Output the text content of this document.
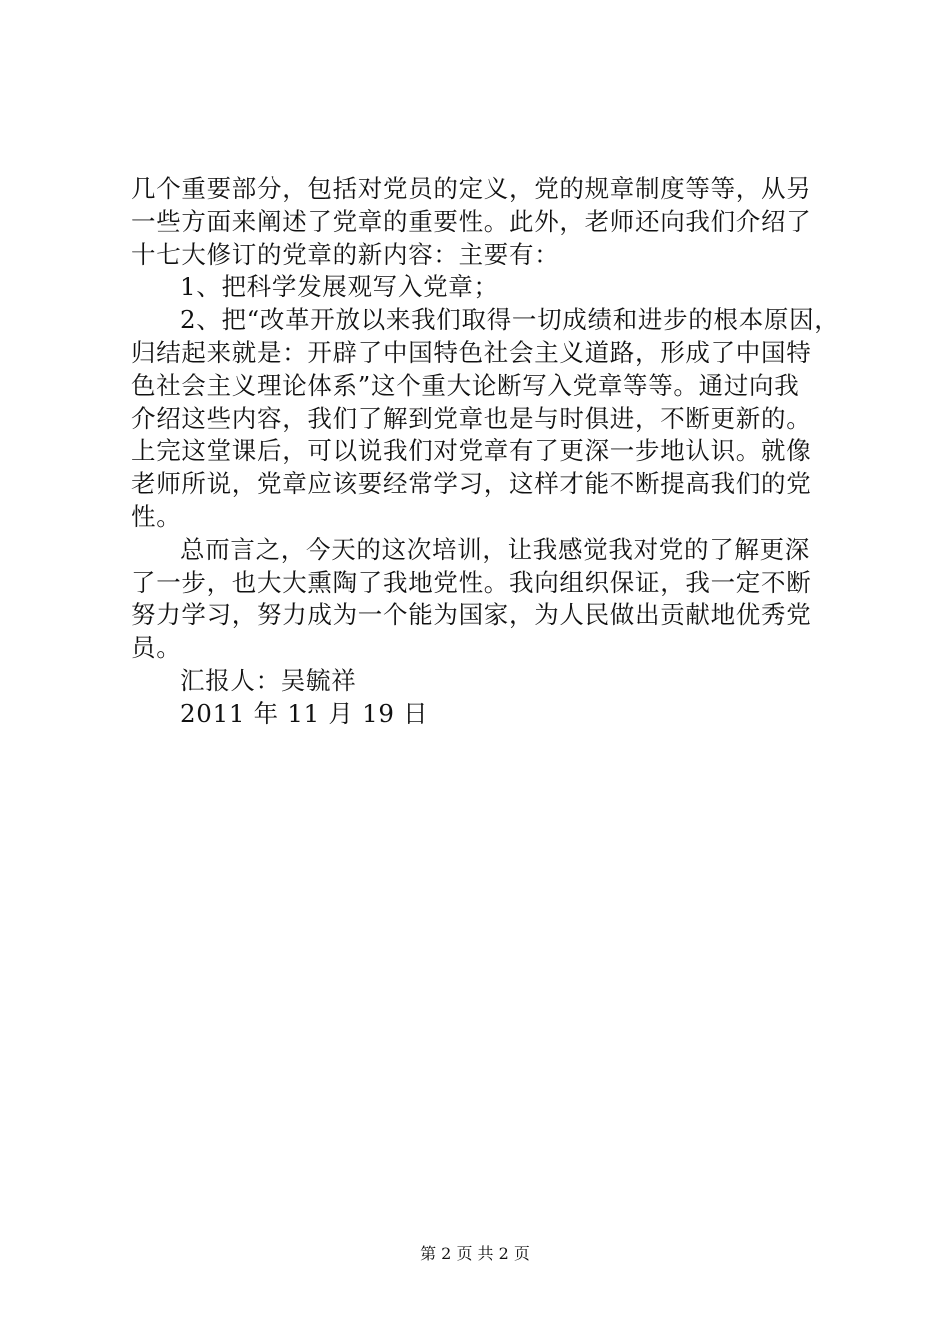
几个重要部分，包括对党员的定义，党的规章制度等等，从另
一些方面来阐述了党章的重要性。此外，老师还向我们介绍了
十七大修订的党章的新内容：主要有：
1、把科学发展观写入党章；
2、把“改革开放以来我们取得一切成绩和进步的根本原因，
归结起来就是：开辟了中国特色社会主义道路，形成了中国特
色社会主义理论体系”这个重大论断写入党章等等。通过向我
介绍这些内容，我们了解到党章也是与时俱进，不断更新的。
上完这堂课后，可以说我们对党章有了更深一步地认识。就像
老师所说，党章应该要经常学习，这样才能不断提高我们的党
性。
总而言之，今天的这次培训，让我感觉我对党的了解更深
了一步，也大大熏陶了我地党性。我向组织保证，我一定不断
努力学习，努力成为一个能为国家，为人民做出贡献地优秀党
员。
汇报人：吴毓祥
2011 年 11 月 19 日
第 2 页 共 2 页
